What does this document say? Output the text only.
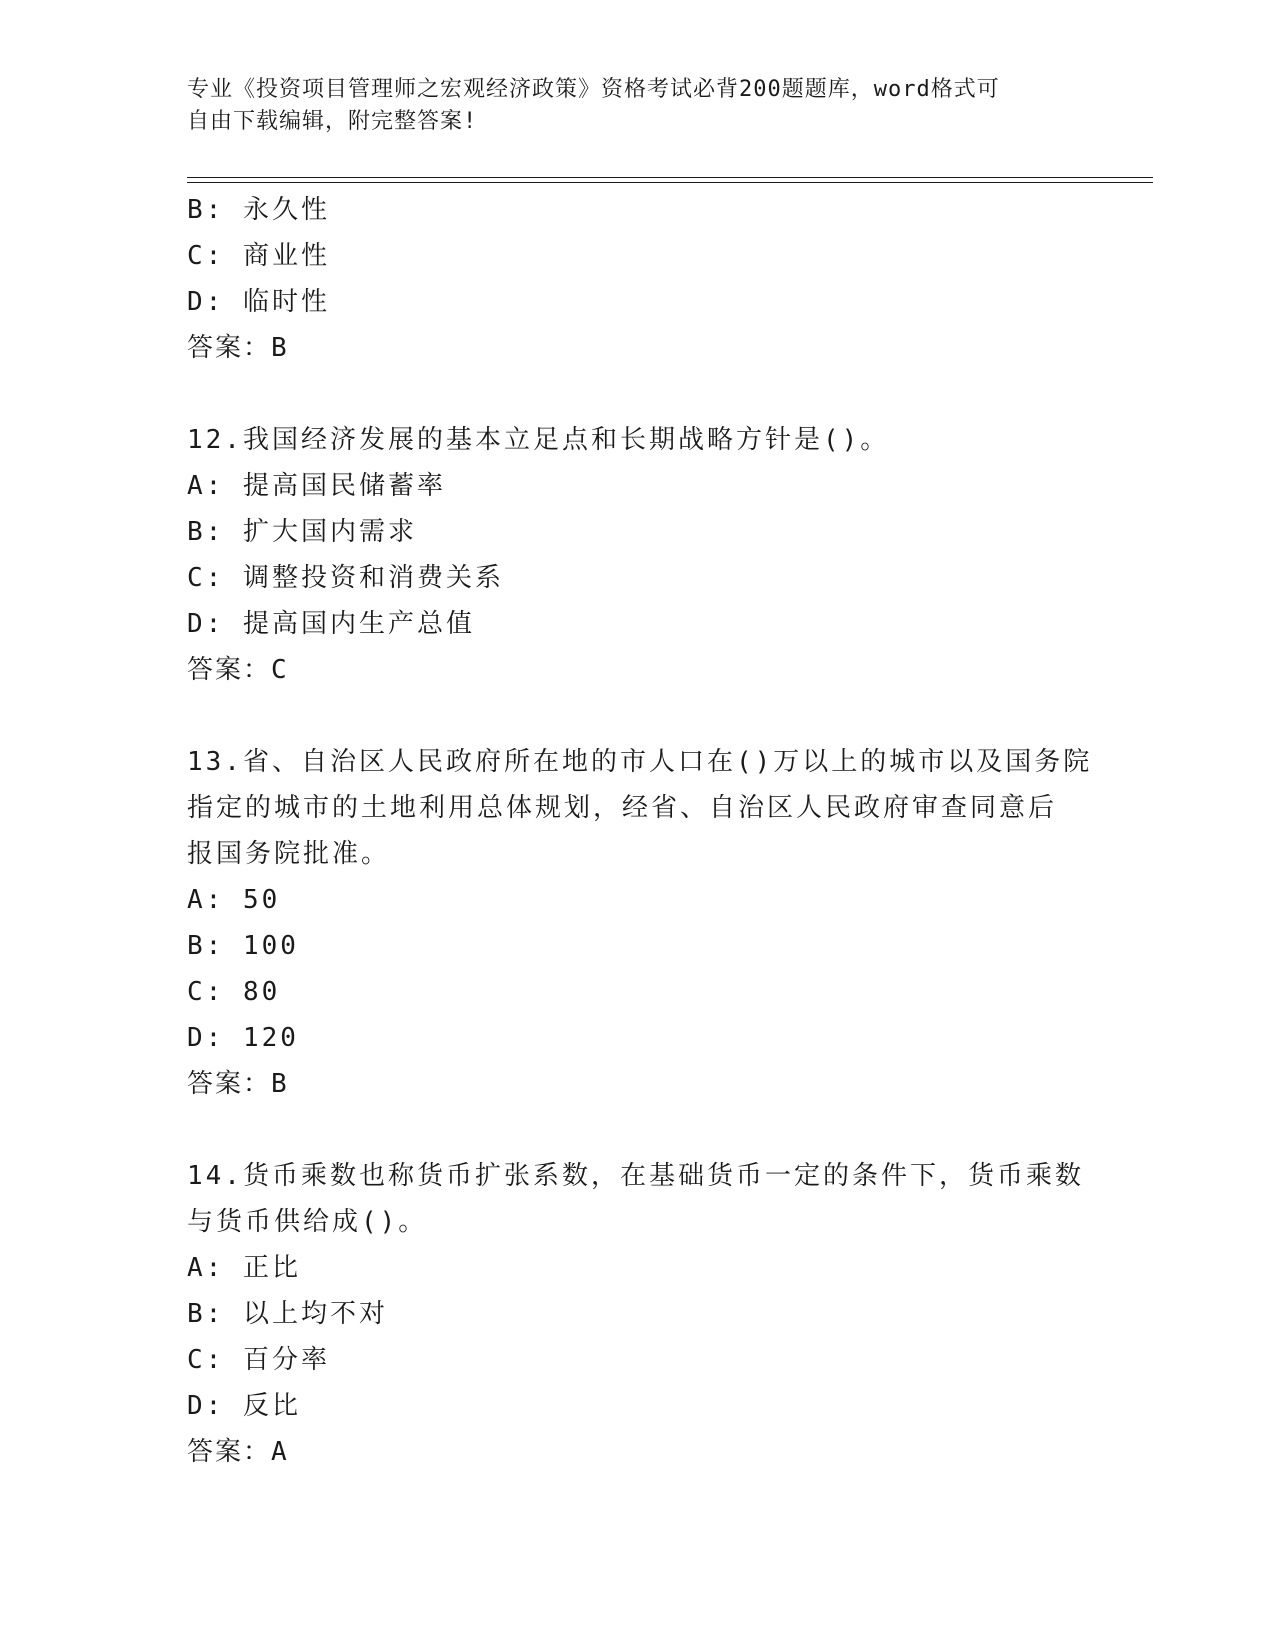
专业《投资项目管理师之宏观经济政策》资格考试必背200题题库，word格式可
自由下载编辑，附完整答案!
B: 永久性
C: 商业性
D: 临时性
答案：B
12.我国经济发展的基本立足点和长期战略方针是()。
A: 提高国民储蓄率
B: 扩大国内需求
C: 调整投资和消费关系
D: 提高国内生产总值
答案：C
13.省、自治区人民政府所在地的市人口在()万以上的城市以及国务院
指定的城市的土地利用总体规划，经省、自治区人民政府审查同意后
报国务院批准。
A: 50
B: 100
C: 80
D: 120
答案：B
14.货币乘数也称货币扩张系数，在基础货币一定的条件下，货币乘数
与货币供给成()。
A: 正比
B: 以上均不对
C: 百分率
D: 反比
答案：A
